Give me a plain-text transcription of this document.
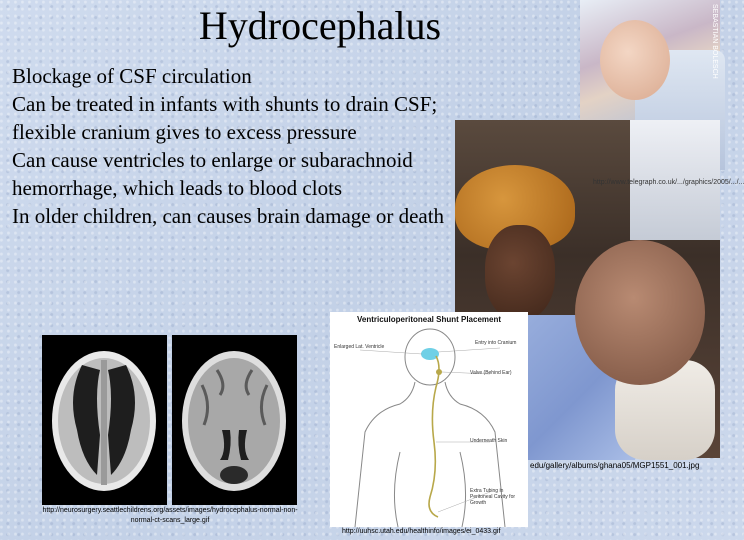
Hydrocephalus
Blockage of CSF circulation
Can be treated in infants with shunts to drain CSF; flexible cranium gives to excess pressure
Can cause ventricles to enlarge or subarachnoid hemorrhage, which leads to blood clots
In older children, can causes brain damage or death
SEBASTIAN BOLESCH
http://www.telegraph.co.uk/.../graphics/2005/.../...
edu/gallery/albums/ghana05/MGP1551_001.jpg
http://neurosurgery.seattlechildrens.org/assets/images/hydrocephalus-normal-non-normal-ct-scans_large.gif
Ventriculoperitoneal Shunt Placement
Enlarged Lat. Ventricle
Entry into Cranium
Valve (Behind Ear)
Underneath Skin
Extra Tubing in Peritoneal Cavity for Growth
http://uuhsc.utah.edu/healthinfo/images/ei_0433.gif
